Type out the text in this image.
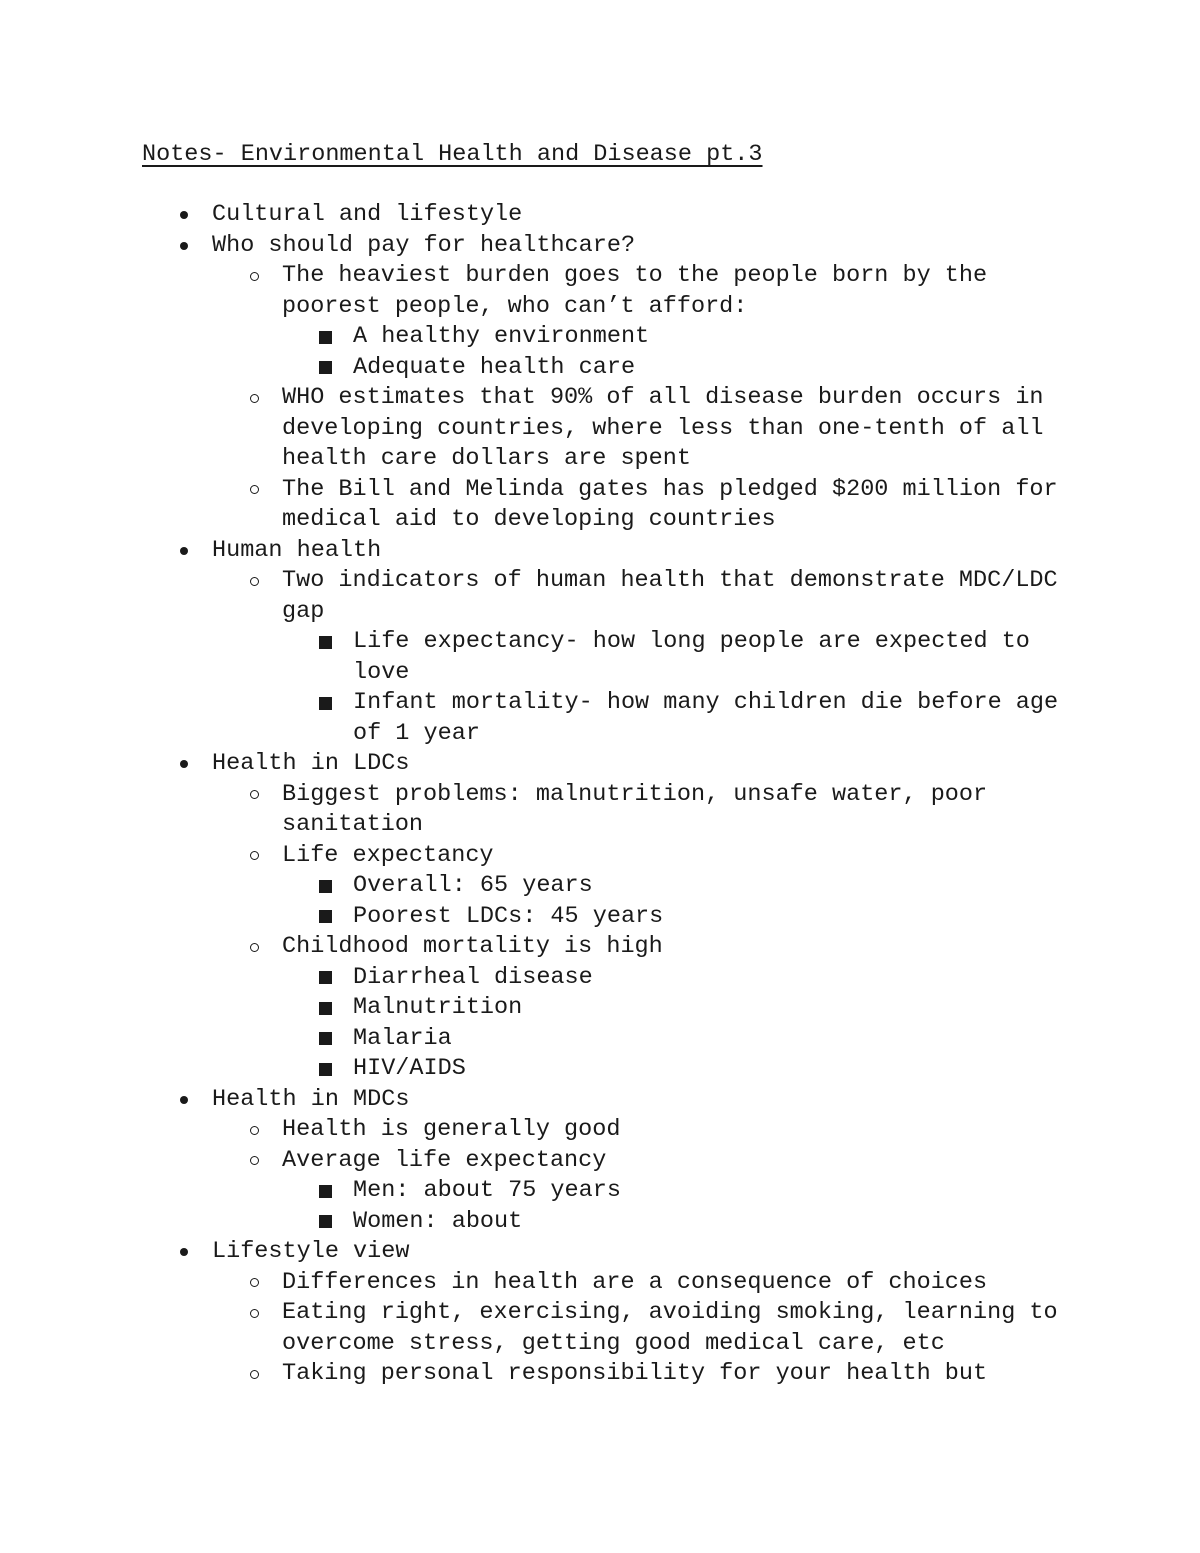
Notes- Environmental Health and Disease pt.3
Cultural and lifestyle
Who should pay for healthcare?
The heaviest burden goes to the people born by the poorest people, who can’t afford:
A healthy environment
Adequate health care
WHO estimates that 90% of all disease burden occurs in developing countries, where less than one-tenth of all health care dollars are spent
The Bill and Melinda gates has pledged $200 million for medical aid to developing countries
Human health
Two indicators of human health that demonstrate MDC/LDC gap
Life expectancy- how long people are expected to love
Infant mortality- how many children die before age of 1 year
Health in LDCs
Biggest problems: malnutrition, unsafe water, poor sanitation
Life expectancy
Overall: 65 years
Poorest LDCs: 45 years
Childhood mortality is high
Diarrheal disease
Malnutrition
Malaria
HIV/AIDS
Health in MDCs
Health is generally good
Average life expectancy
Men: about 75 years
Women: about
Lifestyle view
Differences in health are a consequence of choices
Eating right, exercising, avoiding smoking, learning to overcome stress, getting good medical care, etc
Taking personal responsibility for your health but
